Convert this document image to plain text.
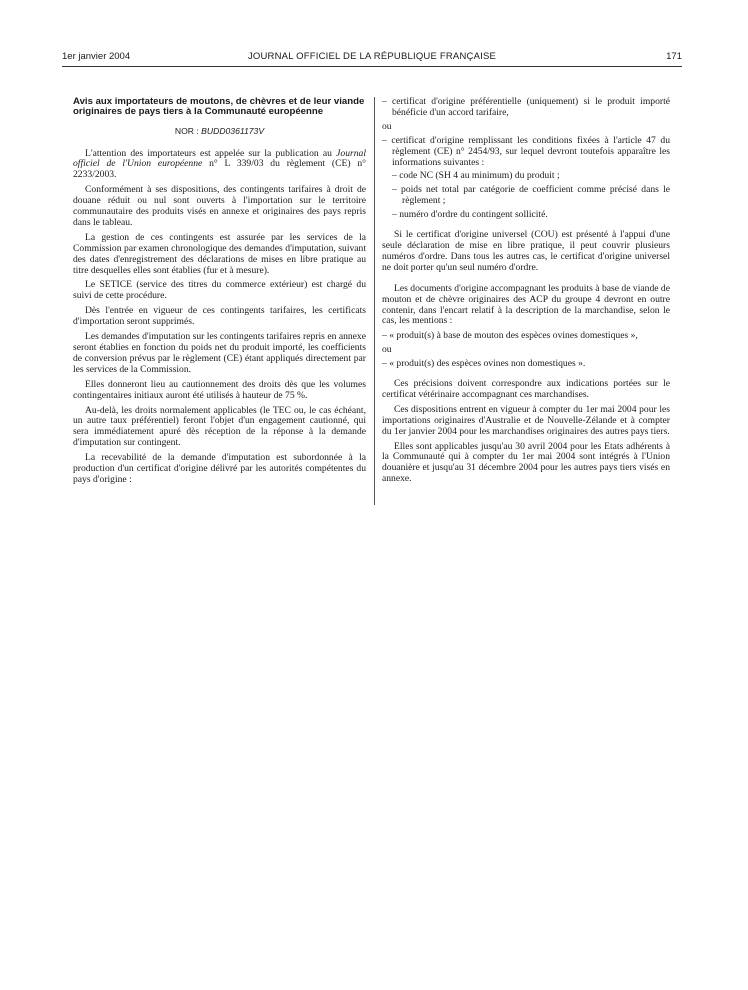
1er janvier 2004	JOURNAL OFFICIEL DE LA RÉPUBLIQUE FRANÇAISE	171
Avis aux importateurs de moutons, de chèvres et de leur viande originaires de pays tiers à la Communauté européenne
NOR : BUDD0361173V

L'attention des importateurs est appelée sur la publication au Journal officiel de l'Union européenne n° L 339/03 du règlement (CE) n° 2233/2003.

Conformément à ses dispositions, des contingents tarifaires à droit de douane réduit ou nul sont ouverts à l'importation sur le territoire communautaire des produits visés en annexe et originaires des pays repris dans le tableau.

La gestion de ces contingents est assurée par les services de la Commission par examen chronologique des demandes d'imputation, suivant des dates d'enregistrement des déclarations de mises en libre pratique au titre desquelles elles sont établies (fur et à mesure).

Le SETICE (service des titres du commerce extérieur) est chargé du suivi de cette procédure.

Dès l'entrée en vigueur de ces contingents tarifaires, les certificats d'importation seront supprimés.

Les demandes d'imputation sur les contingents tarifaires repris en annexe seront établies en fonction du poids net du produit importé, les coefficients de conversion prévus par le règlement (CE) étant appliqués directement par les services de la Commission.

Elles donneront lieu au cautionnement des droits dès que les volumes contingentaires initiaux auront été utilisés à hauteur de 75 %.

Au-delà, les droits normalement applicables (le TEC ou, le cas échéant, un autre taux préférentiel) feront l'objet d'un engagement cautionné, qui sera immédiatement apuré dès réception de la réponse à la demande d'imputation sur contingent.

La recevabilité de la demande d'imputation est subordonnée à la production d'un certificat d'origine délivré par les autorités compétentes du pays d'origine :

– certificat d'origine préférentielle (uniquement) si le produit importé bénéficie d'un accord tarifaire,
ou
– certificat d'origine remplissant les conditions fixées à l'article 47 du règlement (CE) n° 2454/93, sur lequel devront toutefois apparaître les informations suivantes :
– code NC (SH 4 au minimum) du produit ;
– poids net total par catégorie de coefficient comme précisé dans le règlement ;
– numéro d'ordre du contingent sollicité.

Si le certificat d'origine universel (COU) est présenté à l'appui d'une seule déclaration de mise en libre pratique, il peut couvrir plusieurs numéros d'ordre. Dans tous les autres cas, le certificat d'origine universel ne doit porter qu'un seul numéro d'ordre.

Les documents d'origine accompagnant les produits à base de viande de mouton et de chèvre originaires des ACP du groupe 4 devront en outre contenir, dans l'encart relatif à la description de la marchandise, selon le cas, les mentions :

– « produit(s) à base de mouton des espèces ovines domestiques »,
ou
– « produit(s) des espèces ovines non domestiques ».

Ces précisions doivent correspondre aux indications portées sur le certificat vétérinaire accompagnant ces marchandises.

Ces dispositions entrent en vigueur à compter du 1er mai 2004 pour les importations originaires d'Australie et de Nouvelle-Zélande et à compter du 1er janvier 2004 pour les marchandises originaires des autres pays tiers.

Elles sont applicables jusqu'au 30 avril 2004 pour les Etats adhérents à la Communauté qui à compter du 1er mai 2004 sont intégrés à l'Union douanière et jusqu'au 31 décembre 2004 pour les autres pays tiers visés en annexe.
